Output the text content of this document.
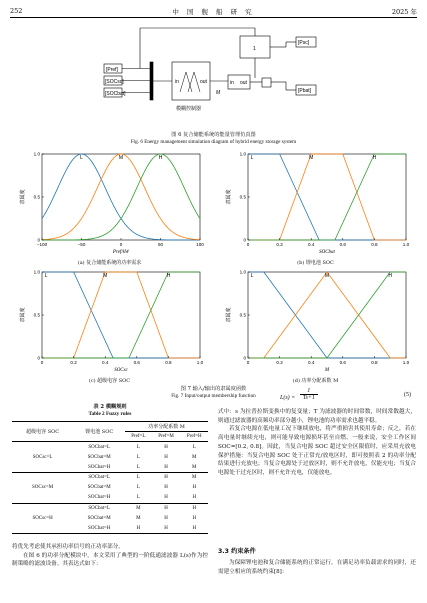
252	中 国 舰 船 研 究	2025 年
[Pref]
[SOCsc]
[SOCbat]
in	out	in out
1
M
[Psc]
[Pbat]
模糊控制器
图 6 复合储能系统的能量管理仿真图
Fig. 6 Energy management simulation diagram of hybrid energy storage system
L	M	H
0
0.5
1.0
−100	−50	0	50	100
隶属度
Pref/kW
(a) 复合储能系统的功率需求
L	M	H
0
0.5
1.0
0	0.2	0.4	0.6	0.8	1.0
隶属度
SOCbat
(b) 锂电池 SOC
L	M	H
0
0.5
1.0
0	0.2	0.4	0.6	0.8	1.0
隶属度
SOCsc
(c) 超级电容 SOC
L	M	H
0
0.5
1.0
0	0.2	0.4	0.6	0.8	1.0
隶属度
M
(d) 功率分配系数 M
图 7 输入/输出的隶属度函数
Fig. 7 Input/output membership function
表 2 模糊规则
Table 2 Fuzzy rules
超级电容 SOC	锂电池 SOC	功率分配系数 M		
		Pref=L	Pref=M	Pref=H
SOCsc=L	SOCbat=L	L	H	L
	SOCbat=M	L	H	M
	SOCbat=H	L	H	M
SOCsc=M	SOCbat=L	L	H	M
	SOCbat=M	L	H	H
	SOCbat=H	L	H	H
SOCsc=H	SOCbat=L	M	H	H
	SOCbat=M	M	H	H
	SOCbat=H	H	H	H

将优先考虑使其承担功率信号的正功率部分。

在图 6 的功率分配模块中，本文采用了典型的一阶低通滤波器 L(s)作为控制策略的滤波设备。其表达式如下：

$L(s) = \frac{1}{Ts+1}$	(5)

式中：s 为拉普拉斯变换中的复变量；T 为滤波器的时间常数，时间常数越大，则通过滤波器的高频功率部分越小，锂电池的功率需求也越平稳。

若复合电源在低电量工况下继续放电，将严重损害其使用寿命；反之，若在高电量时继续充电，则可能导致电源损坏甚至自燃。一般来说，安全工作区间 SOC=[0.2, 0.8]。因此，当复合电源 SOC 超过安全区限值时，应采用充放电保护措施：当复合电源 SOC 处于正常充/放电区时，即可按照表 2 的功率分配结果进行充放电；当复合电源处于过放区时，则不允许放电，仅能充电；当复合电源处于过充区时，则不允许充电，仅能放电。

3.3 约束条件

为保障锂电池和复合储能系统的正常运行，在满足功率负载需求的同时，还需建立相应的系统约束[8]：
